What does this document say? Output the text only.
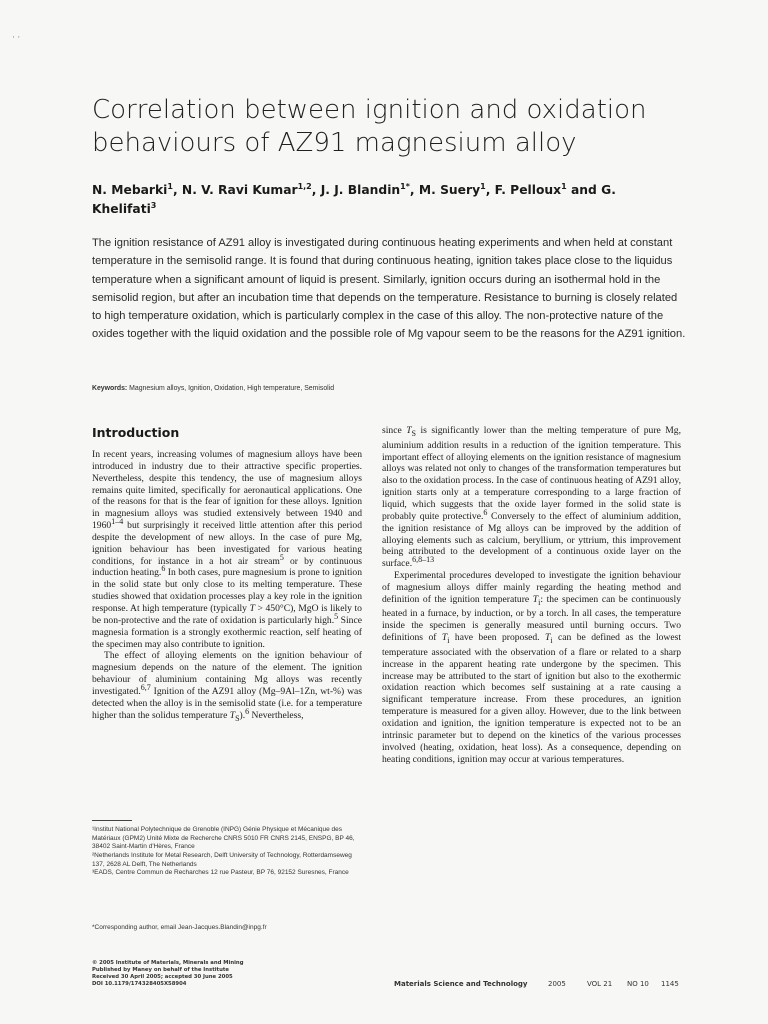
· ·
Correlation between ignition and oxidation behaviours of AZ91 magnesium alloy
N. Mebarki$^1$, N. V. Ravi Kumar$^{1,2}$, J. J. Blandin$^{1*}$, M. Suery$^1$, F. Pelloux$^1$ and G. Khelifati$^3$
The ignition resistance of AZ91 alloy is investigated during continuous heating experiments and when held at constant temperature in the semisolid range. It is found that during continuous heating, ignition takes place close to the liquidus temperature when a significant amount of liquid is present. Similarly, ignition occurs during an isothermal hold in the semisolid region, but after an incubation time that depends on the temperature. Resistance to burning is closely related to high temperature oxidation, which is particularly complex in the case of this alloy. The non-protective nature of the oxides together with the liquid oxidation and the possible role of Mg vapour seem to be the reasons for the AZ91 ignition.
Keywords: Magnesium alloys, Ignition, Oxidation, High temperature, Semisolid
Introduction

In recent years, increasing volumes of magnesium alloys have been introduced in industry due to their attractive specific properties. Nevertheless, despite this tendency, the use of magnesium alloys remains quite limited, specifically for aeronautical applications. One of the reasons for that is the fear of ignition for these alloys. Ignition in magnesium alloys was studied extensively between 1940 and 1960$^{1-4}$ but surprisingly it received little attention after this period despite the development of new alloys. In the case of pure Mg, ignition behaviour has been investigated for various heating conditions, for instance in a hot air stream$^5$ or by continuous induction heating.$^6$ In both cases, pure magnesium is prone to ignition in the solid state but only close to its melting temperature. These studies showed that oxidation processes play a key role in the ignition response. At high temperature (typically T > 450°C), MgO is likely to be non-protective and the rate of oxidation is particularly high.$^5$ Since magnesia formation is a strongly exothermic reaction, self heating of the specimen may also contribute to ignition.

The effect of alloying elements on the ignition behaviour of magnesium depends on the nature of the element. The ignition behaviour of aluminium containing Mg alloys was recently investigated.$^{6,7}$ Ignition of the AZ91 alloy (Mg–9Al–1Zn, wt-%) was detected when the alloy is in the semisolid state (i.e. for a temperature higher than the solidus temperature $T_S).^6$ Nevertheless,

since $T_S$ is significantly lower than the melting temperature of pure Mg, aluminium addition results in a reduction of the ignition temperature. This important effect of alloying elements on the ignition resistance of magnesium alloys was related not only to changes of the transformation temperatures but also to the oxidation process. In the case of continuous heating of AZ91 alloy, ignition starts only at a temperature corresponding to a large fraction of liquid, which suggests that the oxide layer formed in the solid state is probably quite protective.$^6$ Conversely to the effect of aluminium addition, the ignition resistance of Mg alloys can be improved by the addition of alloying elements such as calcium, beryllium, or yttrium, this improvement being attributed to the development of a continuous oxide layer on the surface.$^{6,8-13}$

Experimental procedures developed to investigate the ignition behaviour of magnesium alloys differ mainly regarding the heating method and definition of the ignition temperature $T_i$: the specimen can be continuously heated in a furnace, by induction, or by a torch. In all cases, the temperature inside the specimen is generally measured until burning occurs. Two definitions of $T_i$ have been proposed. $T_i$ can be defined as the lowest temperature associated with the observation of a flare or related to a sharp increase in the apparent heating rate undergone by the specimen. This increase may be attributed to the start of ignition but also to the exothermic oxidation reaction which becomes self sustaining at a rate causing a significant temperature increase. From these procedures, an ignition temperature is measured for a given alloy. However, due to the link between oxidation and ignition, the ignition temperature is expected not to be an intrinsic parameter but to depend on the kinetics of the various processes involved (heating, oxidation, heat loss). As a consequence, depending on heating conditions, ignition may occur at various temperatures.

¹Institut National Polytechnique de Grenoble (INPG) Génie Physique et Mécanique des Matériaux (GPM2) Unité Mixte de Recherche CNRS 5010 FR CNRS 2145, ENSPG, BP 46, 38402 Saint-Martin d'Hères, France

²Netherlands Institute for Metal Research, Delft University of Technology, Rotterdamseweg 137, 2628 AL Delft, The Netherlands

³EADS, Centre Commun de Recharches 12 rue Pasteur, BP 76, 92152 Suresnes, France

*Corresponding author, email Jean-Jacques.Blandin@inpg.fr

© 2005 Institute of Materials, Minerals and Mining

Published by Maney on behalf of the Institute

Received 30 April 2005; accepted 30 June 2005

DOI 10.1179/174328405X58904	Materials Science and Technology	2005	VOL 21 NO 10 1145
